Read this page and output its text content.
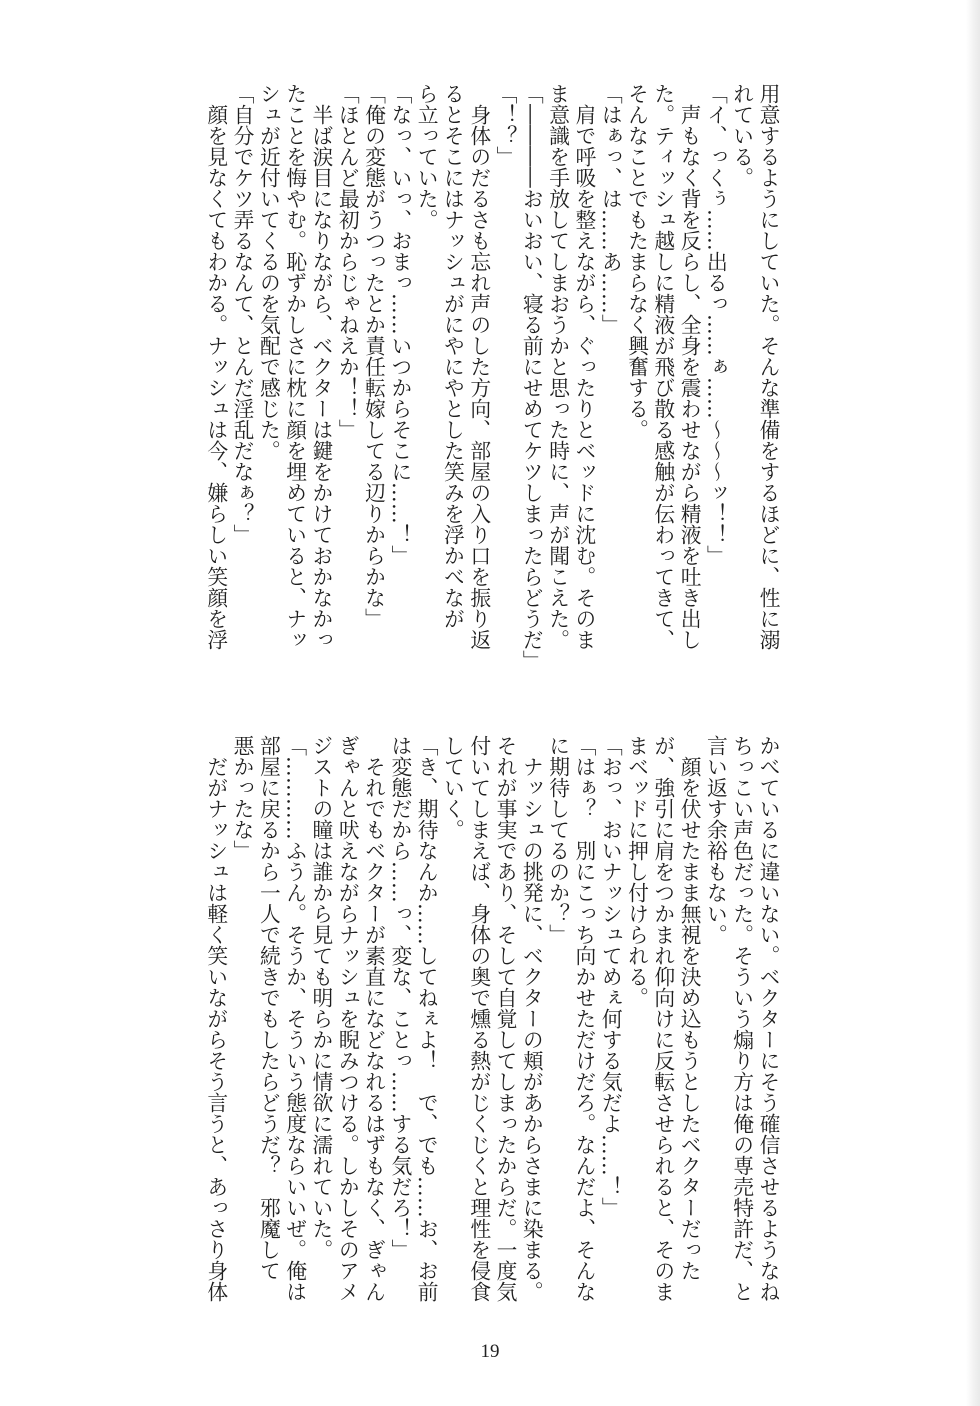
用意するようにしていた。そんな準備をするほどに、性に溺
れている。
「イ、っくぅ……出るっ……ぁ……〜〜〜ッ！！」
　声もなく背を反らし、全身を震わせながら精液を吐き出し
た。ティッシュ越しに精液が飛び散る感触が伝わってきて、
そんなことでもたまらなく興奮する。
「はぁっ、は……あ……」
　肩で呼吸を整えながら、ぐったりとベッドに沈む。そのま
ま意識を手放してしまおうかと思った時に、声が聞こえた。
「――――おいおい、寝る前にせめてケツしまったらどうだ」
「！？」
　身体のだるさも忘れ声のした方向、部屋の入り口を振り返
るとそこにはナッシュがにやにやとした笑みを浮かべなが
ら立っていた。
「なっ、いっ、おまっ……いつからそこに……！」
「俺の変態がうつったとか責任転嫁してる辺りからかな」
「ほとんど最初からじゃねえか！！」
　半ば涙目になりながら、ベクターは鍵をかけておかなかっ
たことを悔やむ。恥ずかしさに枕に顔を埋めていると、ナッ
シュが近付いてくるのを気配で感じた。
「自分でケツ弄るなんて、とんだ淫乱だなぁ？」
　顔を見なくてもわかる。ナッシュは今、嫌らしい笑顔を浮
かべているに違いない。ベクターにそう確信させるようなね
ちっこい声色だった。そういう煽り方は俺の専売特許だ、と
言い返す余裕もない。
　顔を伏せたまま無視を決め込もうとしたベクターだった
が、強引に肩をつかまれ仰向けに反転させられると、そのま
まベッドに押し付けられる。
「おっ、おいナッシュてめぇ何する気だよ……！」
「はぁ？　別にこっち向かせただけだろ。なんだよ、そんな
に期待してるのか？」
　ナッシュの挑発に、ベクターの頬があからさまに染まる。
それが事実であり、そして自覚してしまったからだ。一度気
付いてしまえば、身体の奥で燻る熱がじくじくと理性を侵食
していく。
「き、期待なんか……してねぇよ！　で、でも……お、お前
は変態だから……っ、変な、ことっ……する気だろ！」
　それでもベクターが素直になどなれるはずもなく、ぎゃん
ぎゃんと吠えながらナッシュを睨みつける。しかしそのアメ
ジストの瞳は誰から見ても明らかに情欲に濡れていた。
「…………ふうん。そうか、そういう態度ならいいぜ。俺は
部屋に戻るから一人で続きでもしたらどうだ？　邪魔して
悪かったな」
　だがナッシュは軽く笑いながらそう言うと、あっさり身体
19
